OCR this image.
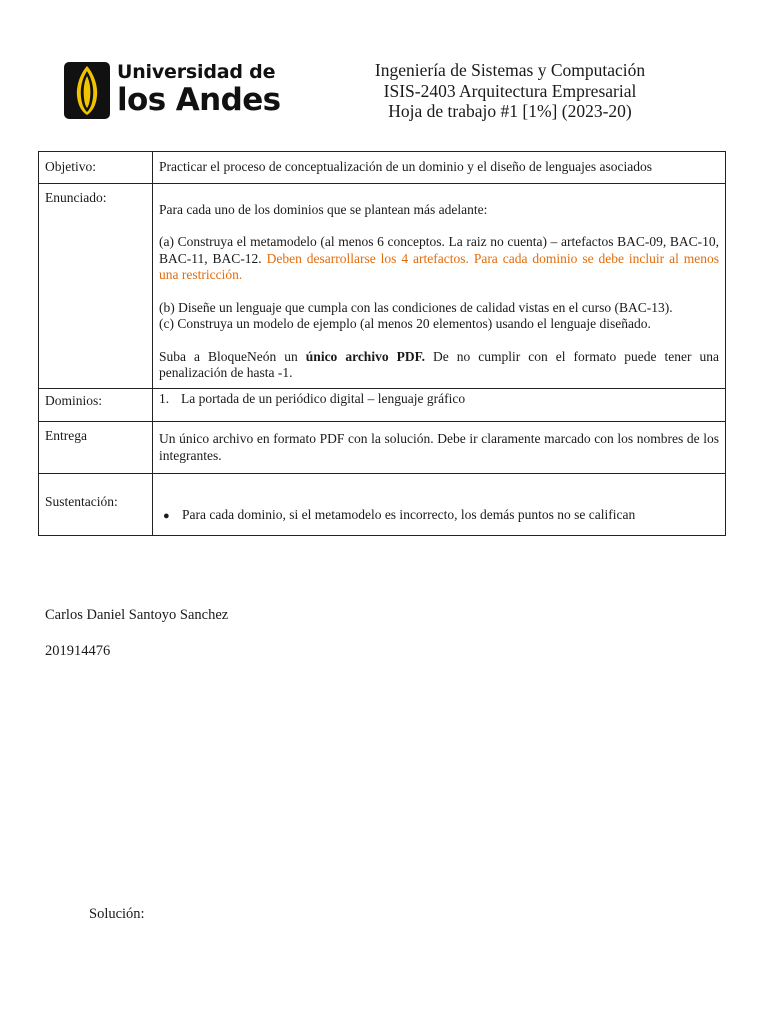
Universidad de
los Andes
Ingeniería de Sistemas y Computación
ISIS-2403 Arquitectura Empresarial
Hoja de trabajo #1 [1%] (2023-20)
Objetivo:	Practicar el proceso de conceptualización de un dominio y el diseño de lenguajes asociados
Enunciado:	Para cada uno de los dominios que se plantean más adelante:

(a) Construya el metamodelo (al menos 6 conceptos. La raiz no cuenta) – artefactos BAC-09, BAC-10, BAC-11, BAC-12. Deben desarrollarse los 4 artefactos. Para cada dominio se debe incluir al menos una restricción.

(b) Diseñe un lenguaje que cumpla con las condiciones de calidad vistas en el curso (BAC-13).

(c) Construya un modelo de ejemplo (al menos 20 elementos) usando el lenguaje diseñado.

Suba a BloqueNeón un único archivo PDF. De no cumplir con el formato puede tener una penalización de hasta -1.

Dominios:	1. La portada de un periódico digital – lenguaje gráfico

Entrega	Un único archivo en formato PDF con la solución. Debe ir claramente marcado con los nombres de los integrantes.
Sustentación:	● Para cada dominio, si el metamodelo es incorrecto, los demás puntos no se califican
Carlos Daniel Santoyo Sanchez
201914476
Solución:
